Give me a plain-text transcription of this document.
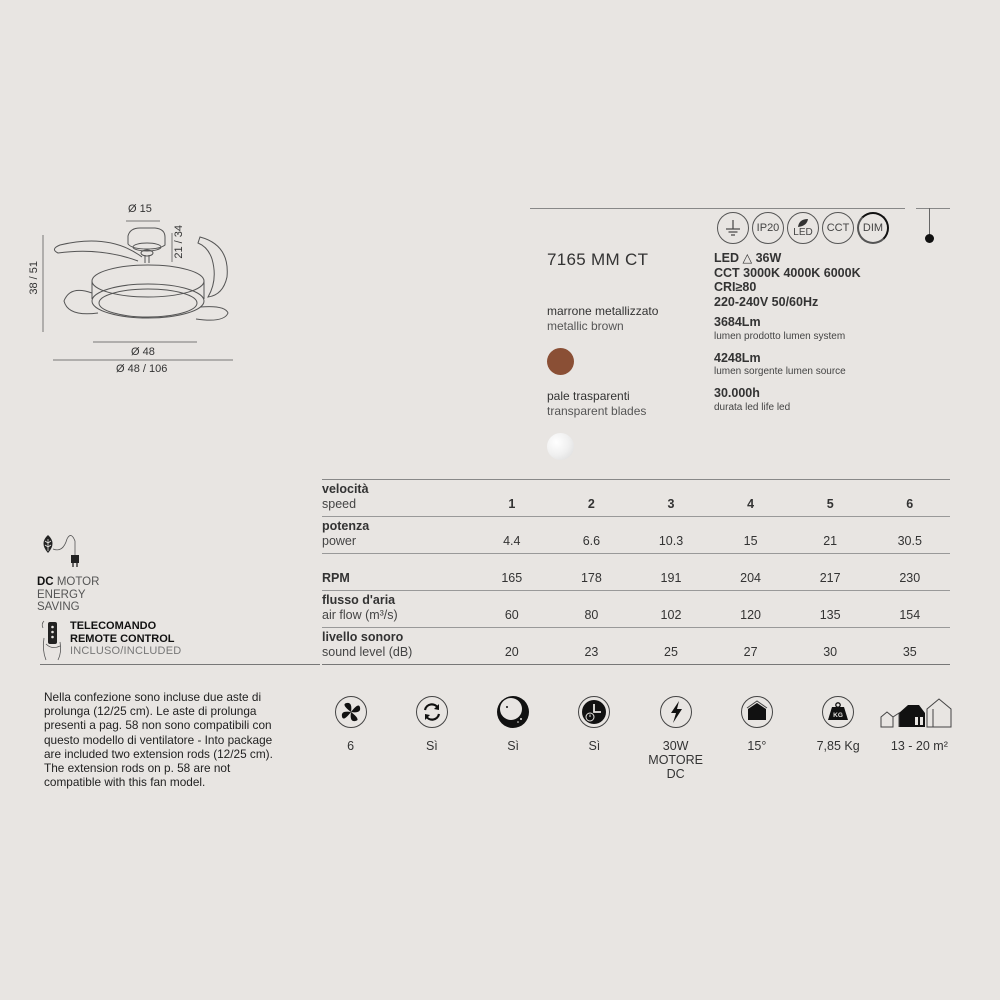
Ø 15
21 / 34
38 / 51
Ø 48
Ø 48 / 106
7165 MM CT
IP20	LED	CCT	DIM
LED △ 36W
CCT 3000K 4000K 6000K
CRI≥80
220-240V 50/60Hz
3684Lm
lumen prodotto lumen system
4248Lm
lumen sorgente lumen source
30.000h
durata led life led
marrone metallizzato
metallic brown
pale trasparenti
transparent blades
DC MOTOR
ENERGY
SAVING
TELECOMANDO
REMOTE CONTROL
INCLUSO/INCLUDED
velocità
speed	1	2	3	4	5	6
potenza
power	4.4	6.6	10.3	15	21	30.5
RPM	165	178	191	204	217	230
flusso d'aria
air flow (m³/s)	60	80	102	120	135	154
livello sonoro
sound level (dB)	20	23	25	27	30	35
Nella confezione sono incluse due aste di prolunga (12/25 cm). Le aste di prolunga presenti a pag. 58 non sono compatibili con questo modello di ventilatore - Into package are included two extension rods (12/25 cm). The extension rods on p. 58 are not compatible with this fan model.
6	Sì	Sì	Sì	30W MOTORE DC
15°
KG
7,85 Kg 13 - 20 m²
